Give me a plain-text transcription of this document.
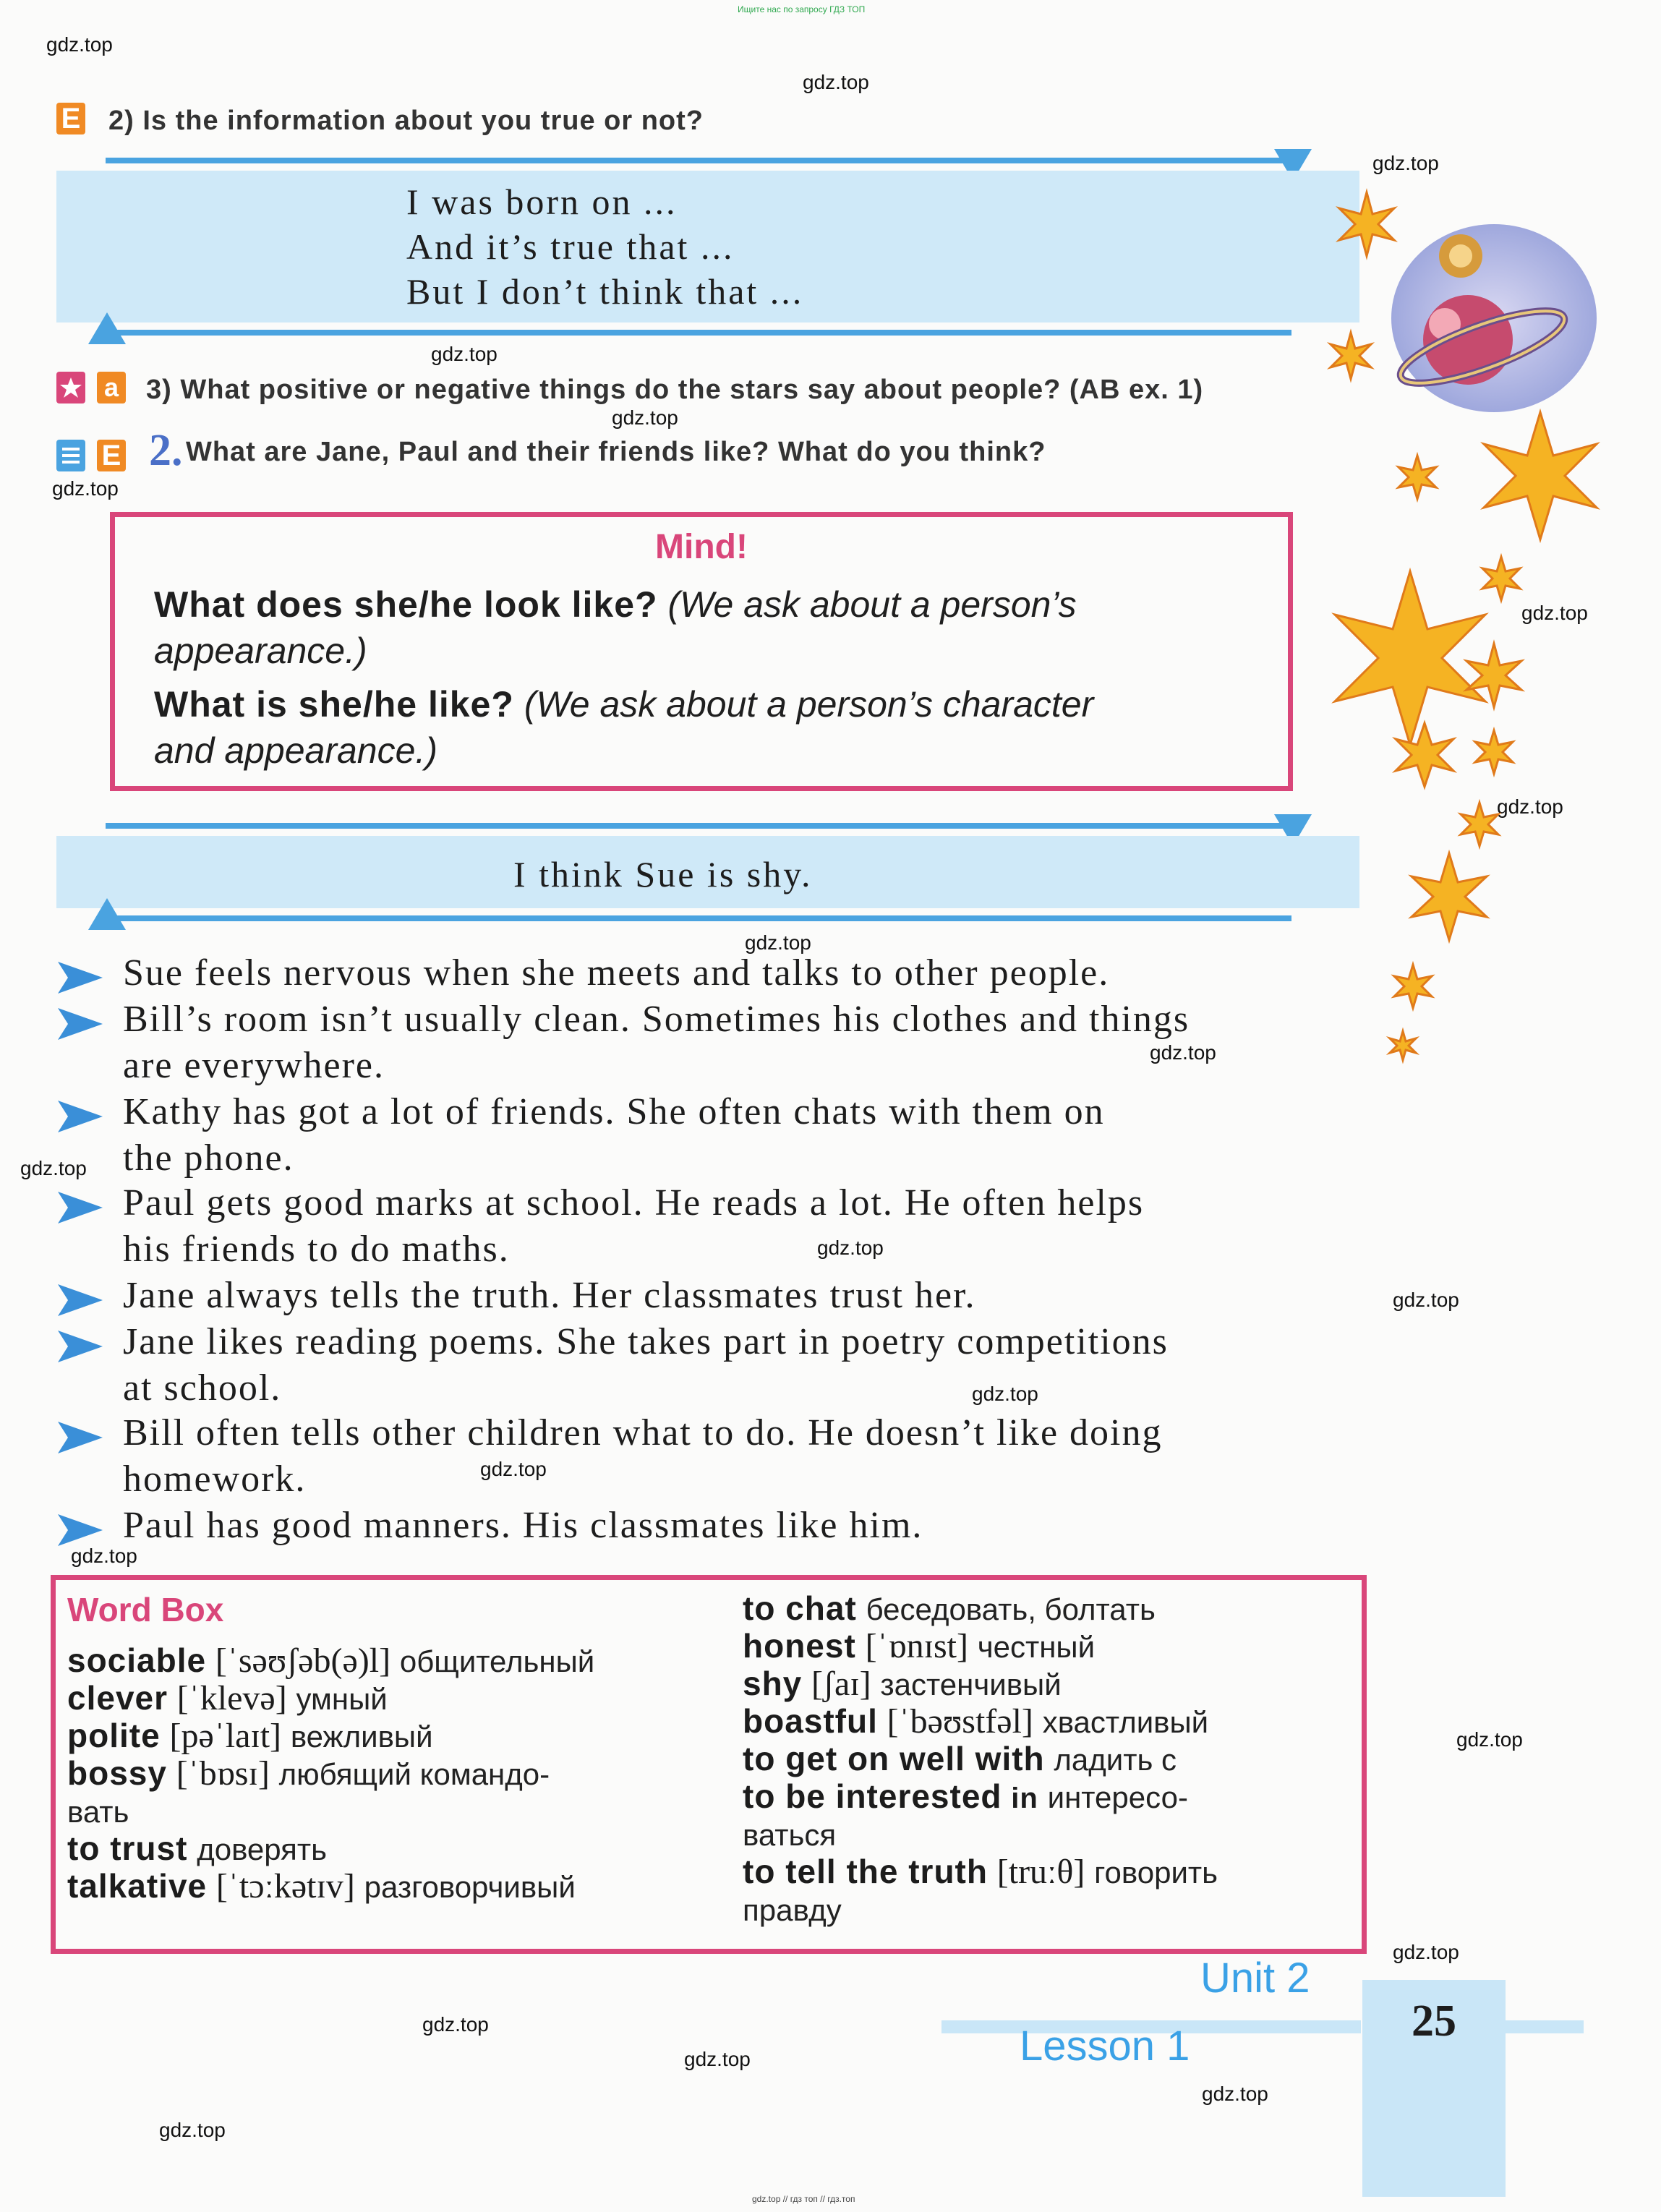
Ищите нас по запросу ГДЗ ТОП
gdz.top // гдз топ // гдз.топ
gdz.top
gdz.top
gdz.top
gdz.top
gdz.top
gdz.top
gdz.top
gdz.top
gdz.top
gdz.top
gdz.top
gdz.top
gdz.top
gdz.top
gdz.top
gdz.top
gdz.top
gdz.top
gdz.top
gdz.top
gdz.top
gdz.top
E 2) Is the information about you true or not?
I was born on ...
And it’s true that ...
But I don’t think that ...
a 3) What positive or negative things do the stars say about people? (AB ex. 1)
E 2. What are Jane, Paul and their friends like? What do you think?
Mind!
What does she/he look like? (We ask about a person’s
appearance.)
What is she/he like? (We ask about a person’s character
and appearance.)
I think Sue is shy.
Sue feels nervous when she meets and talks to other people.
Bill’s room isn’t usually clean. Sometimes his clothes and things
are everywhere.
Kathy has got a lot of friends. She often chats with them on
the phone.
Paul gets good marks at school. He reads a lot. He often helps
his friends to do maths.
Jane always tells the truth. Her classmates trust her.
Jane likes reading poems. She takes part in poetry competitions
at school.
Bill often tells other children what to do. He doesn’t like doing
homework.
Paul has good manners. His classmates like him.
Word Box
sociable [ˈsəʊʃəb(ə)l] общительный
clever [ˈklevə] умный
polite [pəˈlaɪt] вежливый
bossy [ˈbɒsɪ] любящий командо-
вать
to trust доверять
talkative [ˈtɔːkətɪv] разговорчивый
to chat беседовать, болтать
honest [ˈɒnɪst] честный
shy [ʃaɪ] застенчивый
boastful [ˈbəʊstfəl] хвастливый
to get on well with ладить с
to be interested in интересо-
ваться
to tell the truth [truːθ] говорить
правду
Unit 2
Lesson 1
25
